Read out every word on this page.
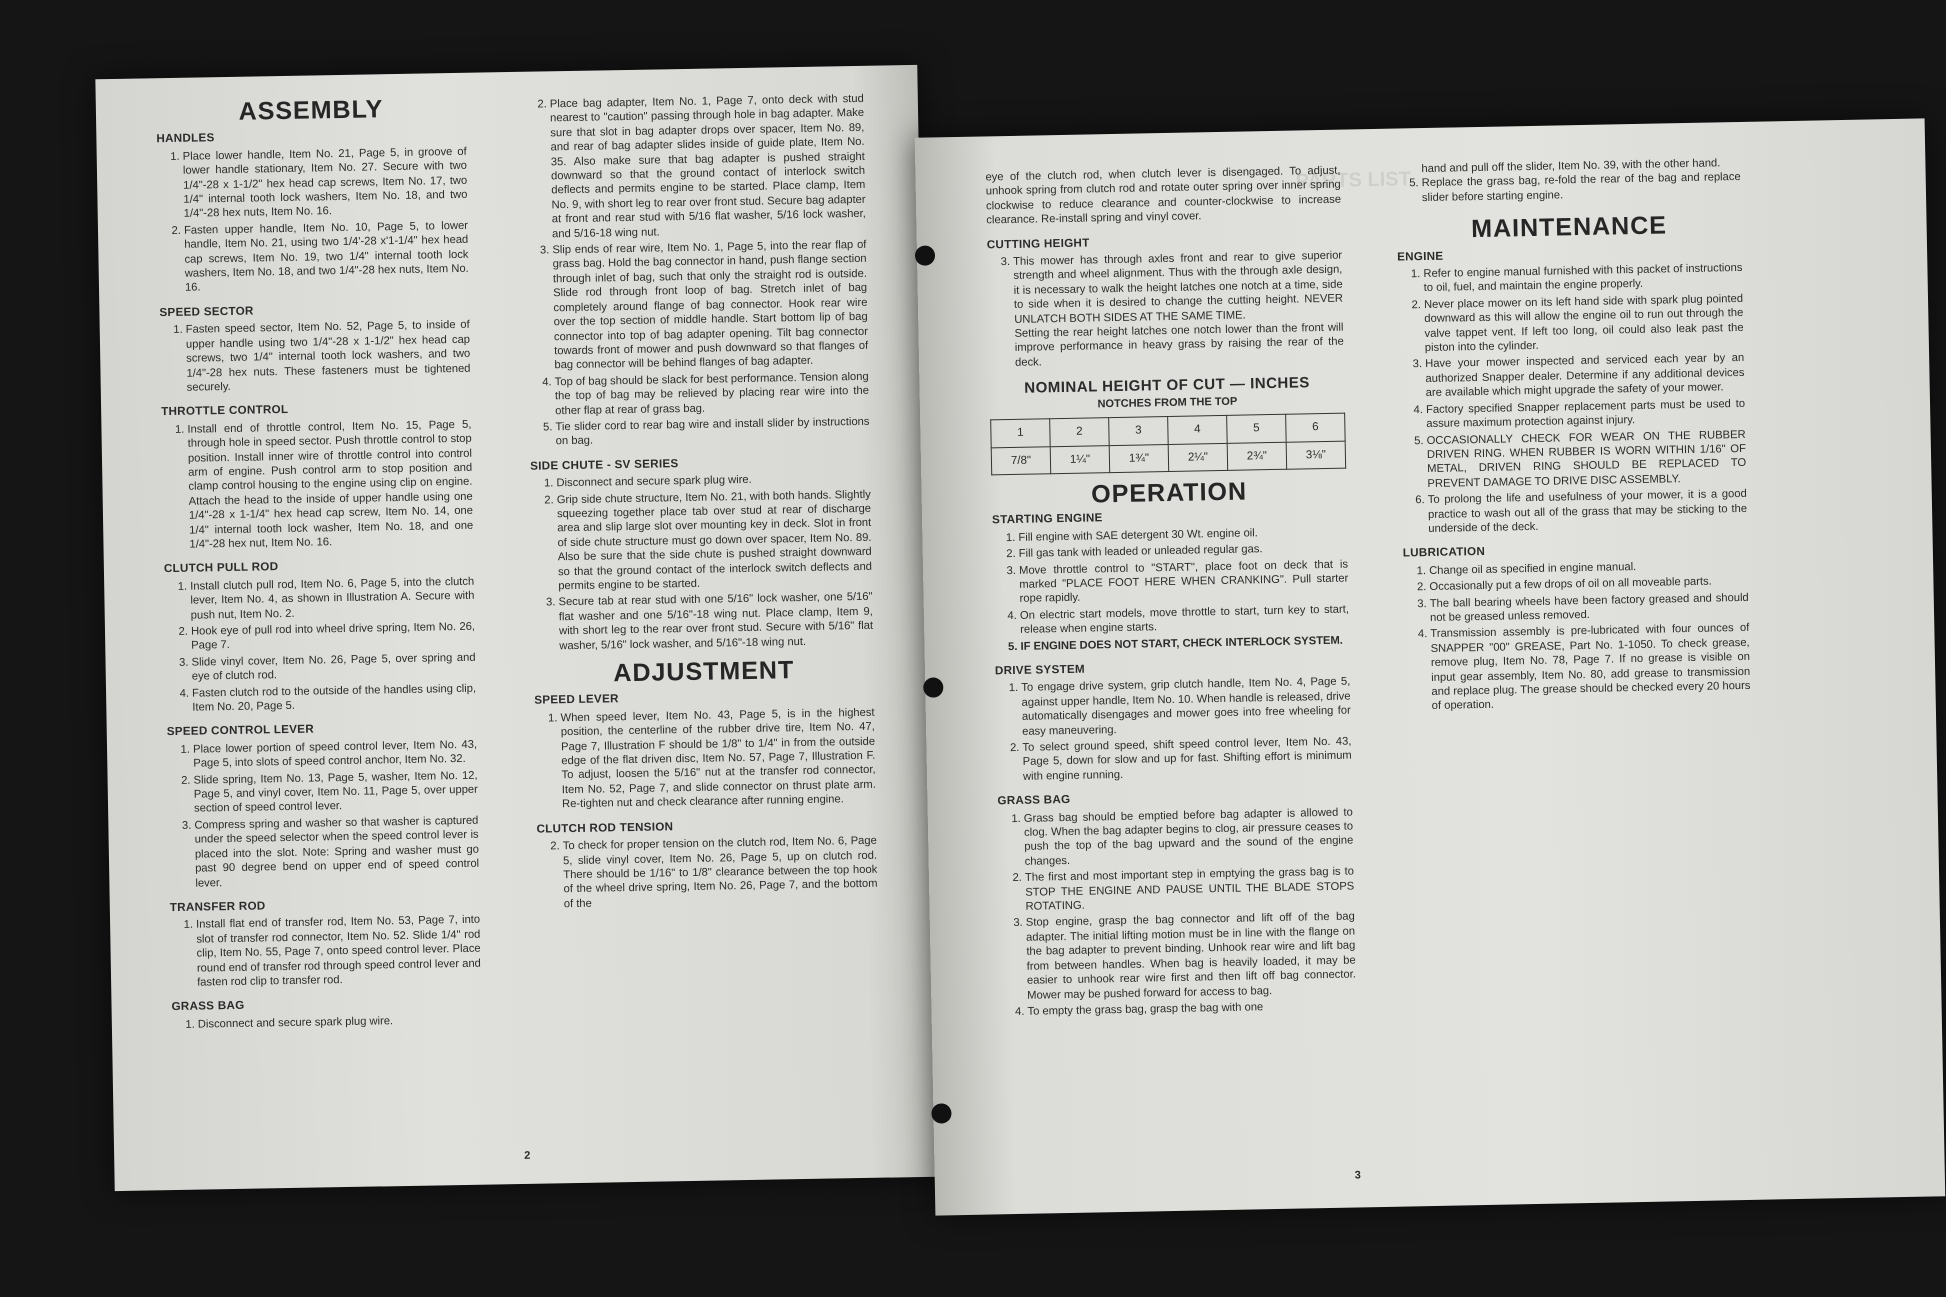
ASSEMBLY
HANDLES
1. Place lower handle, Item No. 21, Page 5, in groove of lower handle stationary, Item No. 27. Secure with two 1/4"-28 x 1-1/2" hex head cap screws, Item No. 17, two 1/4" internal tooth lock washers, Item No. 18, and two 1/4"-28 hex nuts, Item No. 16.
2. Fasten upper handle, Item No. 10, Page 5, to lower handle, Item No. 21, using two 1/4'-28 x'1-1/4" hex head cap screws, Item No. 19, two 1/4" internal tooth lock washers, Item No. 18, and two 1/4"-28 hex nuts, Item No. 16.
SPEED SECTOR
1. Fasten speed sector, Item No. 52, Page 5, to inside of upper handle using two 1/4"-28 x 1-1/2" hex head cap screws, two 1/4" internal tooth lock washers, and two 1/4"-28 hex nuts. These fasteners must be tightened securely.
THROTTLE CONTROL
1. Install end of throttle control, Item No. 15, Page 5, through hole in speed sector. Push throttle control to stop position. Install inner wire of throttle control into control arm of engine. Push control arm to stop position and clamp control housing to the engine using clip on engine. Attach the head to the inside of upper handle using one 1/4"-28 x 1-1/4" hex head cap screw, Item No. 14, one 1/4" internal tooth lock washer, Item No. 18, and one 1/4"-28 hex nut, Item No. 16.
CLUTCH PULL ROD
1. Install clutch pull rod, Item No. 6, Page 5, into the clutch lever, Item No. 4, as shown in Illustration A. Secure with push nut, Item No. 2.
2. Hook eye of pull rod into wheel drive spring, Item No. 26, Page 7.
3. Slide vinyl cover, Item No. 26, Page 5, over spring and eye of clutch rod.
4. Fasten clutch rod to the outside of the handles using clip, Item No. 20, Page 5.
SPEED CONTROL LEVER
1. Place lower portion of speed control lever, Item No. 43, Page 5, into slots of speed control anchor, Item No. 32.
2. Slide spring, Item No. 13, Page 5, washer, Item No. 12, Page 5, and vinyl cover, Item No. 11, Page 5, over upper section of speed control lever.
3. Compress spring and washer so that washer is captured under the speed selector when the speed control lever is placed into the slot. Note: Spring and washer must go past 90 degree bend on upper end of speed control lever.
TRANSFER ROD
1. Install flat end of transfer rod, Item No. 53, Page 7, into slot of transfer rod connector, Item No. 52. Slide 1/4" rod clip, Item No. 55, Page 7, onto speed control lever. Place round end of transfer rod through speed control lever and fasten rod clip to transfer rod.
GRASS BAG
1. Disconnect and secure spark plug wire.
2. Place bag adapter, Item No. 1, Page 7, onto deck with stud nearest to "caution" passing through hole in bag adapter. Make sure that slot in bag adapter drops over spacer, Item No. 89, and rear of bag adapter slides inside of guide plate, Item No. 35. Also make sure that bag adapter is pushed straight downward so that the ground contact of interlock switch deflects and permits engine to be started. Place clamp, Item No. 9, with short leg to rear over front stud. Secure bag adapter at front and rear stud with 5/16 flat washer, 5/16 lock washer, and 5/16-18 wing nut.
3. Slip ends of rear wire, Item No. 1, Page 5, into the rear flap of grass bag. Hold the bag connector in hand, push flange section through inlet of bag, such that only the straight rod is outside. Slide rod through front loop of bag. Stretch inlet of bag completely around flange of bag connector. Hook rear wire over the top section of middle handle. Start bottom lip of bag connector into top of bag adapter opening. Tilt bag connector towards front of mower and push downward so that flanges of bag connector will be behind flanges of bag adapter.
4. Top of bag should be slack for best performance. Tension along the top of bag may be relieved by placing rear wire into the other flap at rear of grass bag.
5. Tie slider cord to rear bag wire and install slider by instructions on bag.
SIDE CHUTE - SV SERIES
1. Disconnect and secure spark plug wire.
2. Grip side chute structure, Item No. 21, with both hands. Slightly squeezing together place tab over stud at rear of discharge area and slip large slot over mounting key in deck. Slot in front of side chute structure must go down over spacer, Item No. 89. Also be sure that the side chute is pushed straight downward so that the ground contact of the interlock switch deflects and permits engine to be started.
3. Secure tab at rear stud with one 5/16" lock washer, one 5/16" flat washer and one 5/16"-18 wing nut. Place clamp, Item 9, with short leg to the rear over front stud. Secure with 5/16" flat washer, 5/16" lock washer, and 5/16"-18 wing nut.
ADJUSTMENT
SPEED LEVER
1. When speed lever, Item No. 43, Page 5, is in the highest position, the centerline of the rubber drive tire, Item No. 47, Page 7, Illustration F should be 1/8" to 1/4" in from the outside edge of the flat driven disc, Item No. 57, Page 7, Illustration F. To adjust, loosen the 5/16" nut at the transfer rod connector, Item No. 52, Page 7, and slide connector on thrust plate arm. Re-tighten nut and check clearance after running engine.
CLUTCH ROD TENSION
2. To check for proper tension on the clutch rod, Item No. 6, Page 5, slide vinyl cover, Item No. 26, Page 5, up on clutch rod. There should be 1/16" to 1/8" clearance between the top hook of the wheel drive spring, Item No. 26, Page 7, and the bottom of the
2
PARTS LIST

eye of the clutch rod, when clutch lever is disengaged. To adjust, unhook spring from clutch rod and rotate outer spring over inner spring clockwise to reduce clearance and counter-clockwise to increase clearance. Re-install spring and vinyl cover.

CUTTING HEIGHT
3. This mower has through axles front and rear to give superior strength and wheel alignment. Thus with the through axle design, it is necessary to walk the height latches one notch at a time, side to side when it is desired to change the cutting height. NEVER UNLATCH BOTH SIDES AT THE SAME TIME.
Setting the rear height latches one notch lower than the front will improve performance in heavy grass by raising the rear of the deck.
NOMINAL HEIGHT OF CUT — INCHES
NOTCHES FROM THE TOP
1	2	3	4	5	6
7/8"	1¼"	1¾"	2¼"	2¾"	3⅛"
OPERATION
STARTING ENGINE
1. Fill engine with SAE detergent 30 Wt. engine oil.
2. Fill gas tank with leaded or unleaded regular gas.
3. Move throttle control to "START", place foot on deck that is marked "PLACE FOOT HERE WHEN CRANKING". Pull starter rope rapidly.
4. On electric start models, move throttle to start, turn key to start, release when engine starts.
5. IF ENGINE DOES NOT START, CHECK INTERLOCK SYSTEM.
DRIVE SYSTEM
1. To engage drive system, grip clutch handle, Item No. 4, Page 5, against upper handle, Item No. 10. When handle is released, drive automatically disengages and mower goes into free wheeling for easy maneuvering.
2. To select ground speed, shift speed control lever, Item No. 43, Page 5, down for slow and up for fast. Shifting effort is minimum with engine running.
GRASS BAG
1. Grass bag should be emptied before bag adapter is allowed to clog. When the bag adapter begins to clog, air pressure ceases to push the top of the bag upward and the sound of the engine changes.
2. The first and most important step in emptying the grass bag is to STOP THE ENGINE AND PAUSE UNTIL THE BLADE STOPS ROTATING.
3. Stop engine, grasp the bag connector and lift off of the bag adapter. The initial lifting motion must be in line with the flange on the bag adapter to prevent binding. Unhook rear wire and lift bag from between handles. When bag is heavily loaded, it may be easier to unhook rear wire first and then lift off bag connector. Mower may be pushed forward for access to bag.
4. To empty the grass bag, grasp the bag with one

hand and pull off the slider, Item No. 39, with the other hand.

5. Replace the grass bag, re-fold the rear of the bag and replace slider before starting engine.
MAINTENANCE
ENGINE
1. Refer to engine manual furnished with this packet of instructions to oil, fuel, and maintain the engine properly.
2. Never place mower on its left hand side with spark plug pointed downward as this will allow the engine oil to run out through the valve tappet vent. If left too long, oil could also leak past the piston into the cylinder.
3. Have your mower inspected and serviced each year by an authorized Snapper dealer. Determine if any additional devices are available which might upgrade the safety of your mower.
4. Factory specified Snapper replacement parts must be used to assure maximum protection against injury.
5. OCCASIONALLY CHECK FOR WEAR ON THE RUBBER DRIVEN RING. WHEN RUBBER IS WORN WITHIN 1/16" OF METAL, DRIVEN RING SHOULD BE REPLACED TO PREVENT DAMAGE TO DRIVE DISC ASSEMBLY.
6. To prolong the life and usefulness of your mower, it is a good practice to wash out all of the grass that may be sticking to the underside of the deck.
LUBRICATION
1. Change oil as specified in engine manual.
2. Occasionally put a few drops of oil on all moveable parts.
3. The ball bearing wheels have been factory greased and should not be greased unless removed.
4. Transmission assembly is pre-lubricated with four ounces of SNAPPER "00" GREASE, Part No. 1-1050. To check grease, remove plug, Item No. 78, Page 7. If no grease is visible on input gear assembly, Item No. 80, add grease to transmission and replace plug. The grease should be checked every 20 hours of operation.
3
